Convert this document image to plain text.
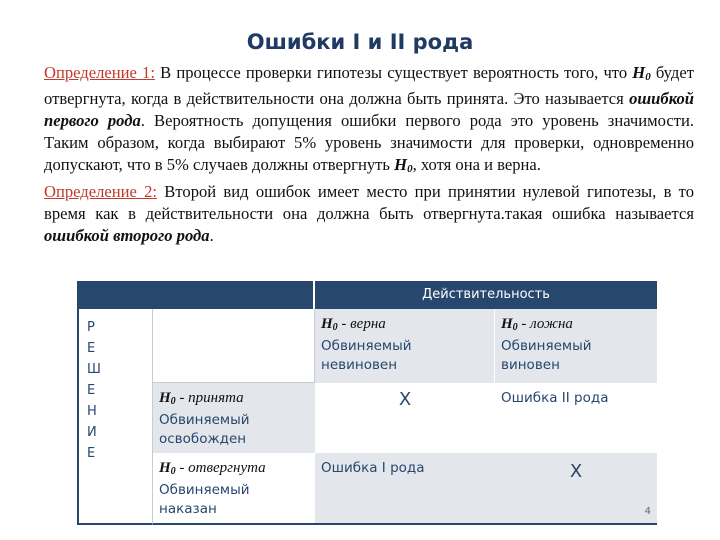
Ошибки I и II рода

Определение 1: В процессе проверки гипотезы существует вероятность того, что H0 будет отвергнута, когда в действительности она должна быть принята. Это называется ошибкой первого рода. Вероятность допущения ошибки первого рода это уровень значимости. Таким образом, когда выбирают 5% уровень значимости для проверки, одновременно допускают, что в 5% случаев должны отвергнуть H0, хотя она и верна.

Определение 2: Второй вид ошибок имеет место при принятии нулевой гипотезы, в то время как в действительности она должна быть отвергнута.такая ошибка называется ошибкой второго рода.

Действительность
Р
Е
Ш
Е
Н
И
Е
H0 - верна
Обвиняемый
невиновен
H0 - ложна
Обвиняемый
виновен
H0 - принята
Обвиняемый
освобожден
Х	Ошибка II рода
H0 - отвергнута
Обвиняемый
наказан
Ошибка I рода	Х
4
